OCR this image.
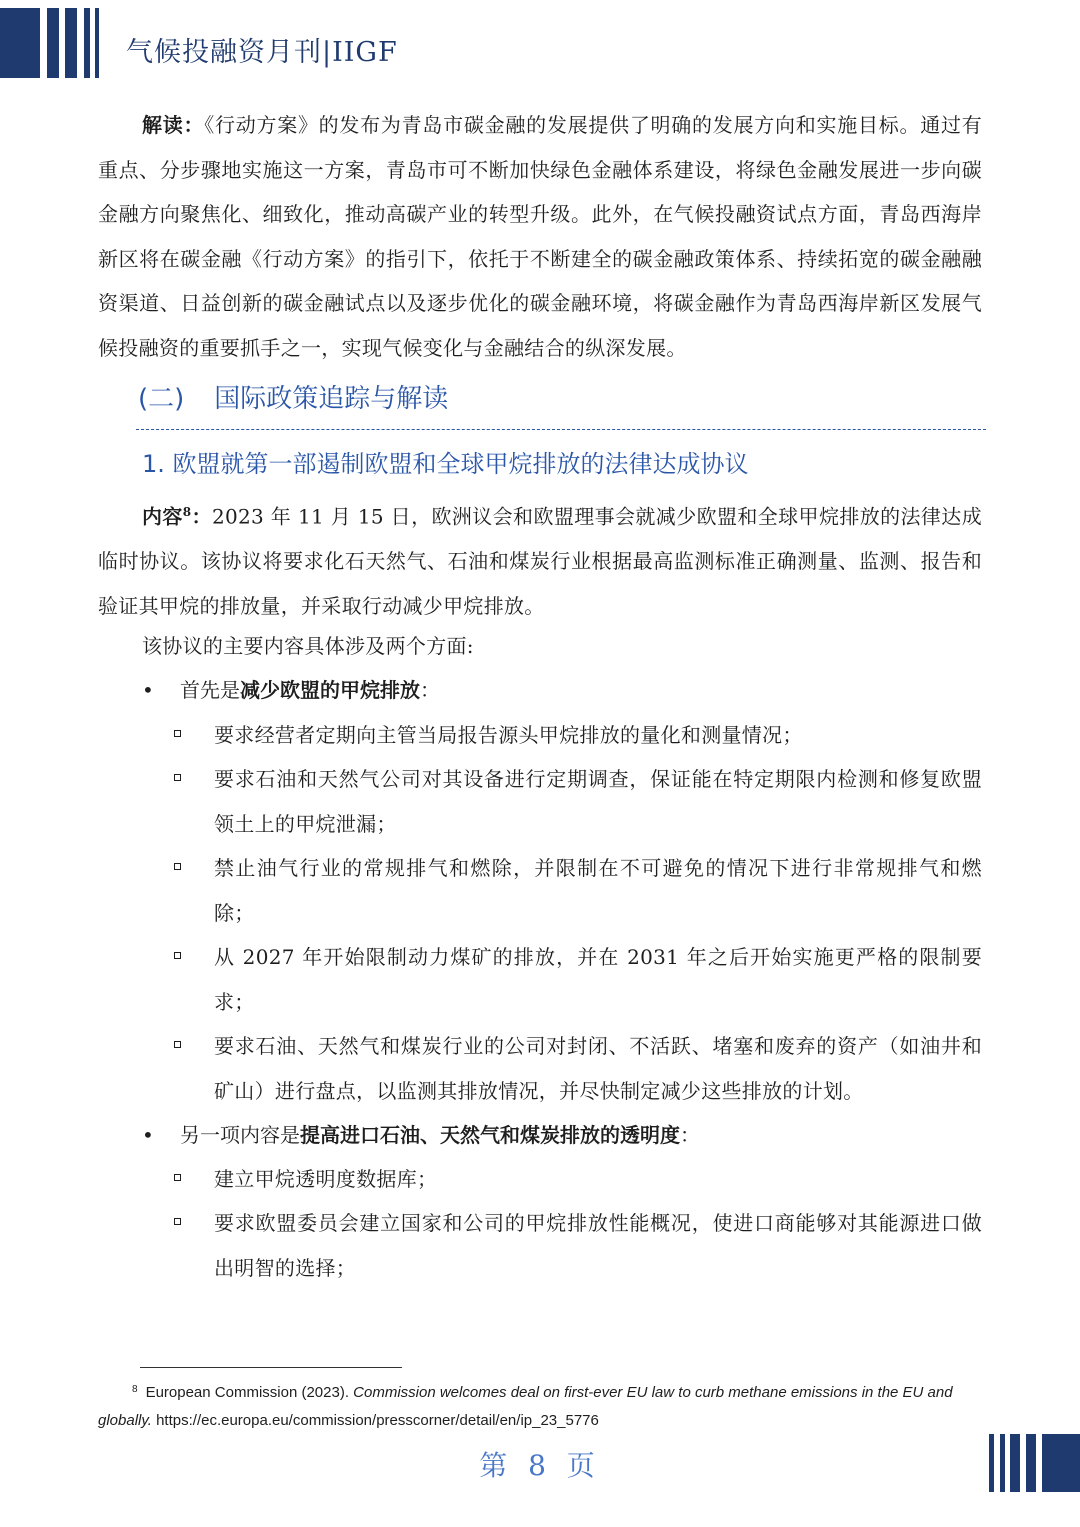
气候投融资月刊|IIGF
解读：《行动方案》的发布为青岛市碳金融的发展提供了明确的发展方向和实施目标。通过有重点、分步骤地实施这一方案，青岛市可不断加快绿色金融体系建设，将绿色金融发展进一步向碳金融方向聚焦化、细致化，推动高碳产业的转型升级。此外，在气候投融资试点方面，青岛西海岸新区将在碳金融《行动方案》的指引下，依托于不断建全的碳金融政策体系、持续拓宽的碳金融融资渠道、日益创新的碳金融试点以及逐步优化的碳金融环境，将碳金融作为青岛西海岸新区发展气候投融资的重要抓手之一，实现气候变化与金融结合的纵深发展。
(二) 国际政策追踪与解读
1. 欧盟就第一部遏制欧盟和全球甲烷排放的法律达成协议
内容$^8$：2023 年 11 月 15 日，欧洲议会和欧盟理事会就减少欧盟和全球甲烷排放的法律达成临时协议。该协议将要求化石天然气、石油和煤炭行业根据最高监测标准正确测量、监测、报告和验证其甲烷的排放量，并采取行动减少甲烷排放。
该协议的主要内容具体涉及两个方面:
• 首先是减少欧盟的甲烷排放：
要求经营者定期向主管当局报告源头甲烷排放的量化和测量情况；
要求石油和天然气公司对其设备进行定期调查，保证能在特定期限内检测和修复欧盟领土上的甲烷泄漏；
禁止油气行业的常规排气和燃除，并限制在不可避免的情况下进行非常规排气和燃除；
从 2027 年开始限制动力煤矿的排放，并在 2031 年之后开始实施更严格的限制要求；
要求石油、天然气和煤炭行业的公司对封闭、不活跃、堵塞和废弃的资产（如油井和矿山）进行盘点，以监测其排放情况，并尽快制定减少这些排放的计划。
• 另一项内容是提高进口石油、天然气和煤炭排放的透明度：
建立甲烷透明度数据库；
要求欧盟委员会建立国家和公司的甲烷排放性能概况，使进口商能够对其能源进口做出明智的选择；
$^8$ European Commission (2023). Commission welcomes deal on first-ever EU law to curb methane emissions in the EU and globally. https://ec.europa.eu/commission/presscorner/detail/en/ip_23_5776
第 8 页
